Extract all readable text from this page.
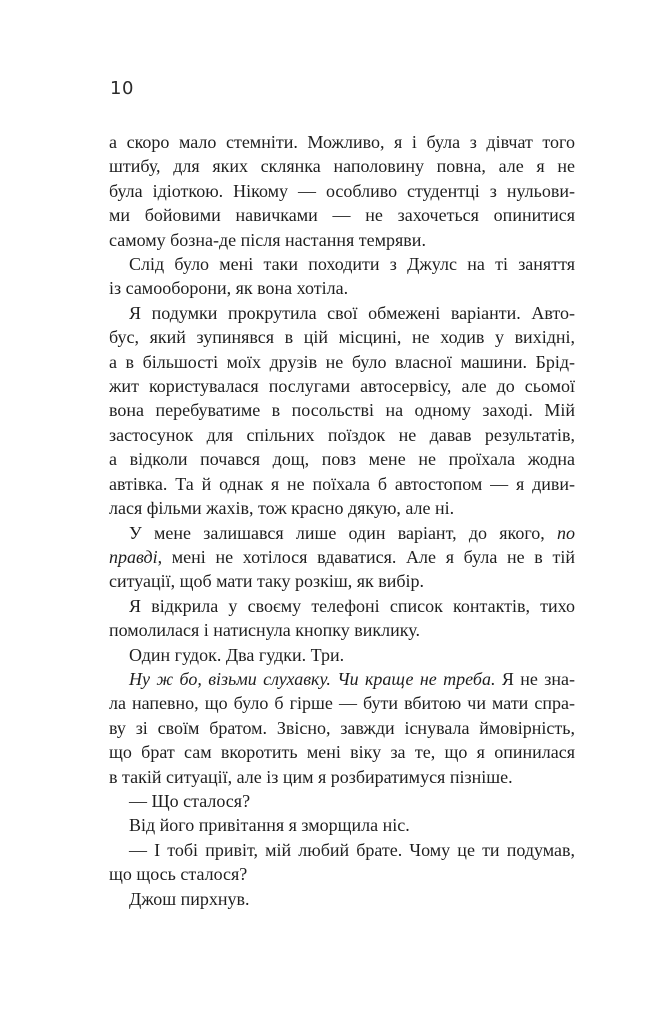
10
а скоро мало стемніти. Можливо, я і була з дівчат того
штибу, для яких склянка наполовину повна, але я не
була ідіоткою. Нікому — особливо студентці з нульови-
ми бойовими навичками — не захочеться опинитися
самому бозна-де після настання темряви.
Слід було мені таки походити з Джулс на ті заняття
із самооборони, як вона хотіла.
Я подумки прокрутила свої обмежені варіанти. Авто-
бус, який зупинявся в цій місцині, не ходив у вихідні,
а в більшості моїх друзів не було власної машини. Брід-
жит користувалася послугами автосервісу, але до сьомої
вона перебуватиме в посольстві на одному заході. Мій
застосунок для спільних поїздок не давав результатів,
а відколи почався дощ, повз мене не проїхала жодна
автівка. Та й однак я не поїхала б автостопом — я диви-
лася фільми жахів, тож красно дякую, але ні.
У мене залишався лише один варіант, до якого, по
правді, мені не хотілося вдаватися. Але я була не в тій
ситуації, щоб мати таку розкіш, як вибір.
Я відкрила у своєму телефоні список контактів, тихо
помолилася і натиснула кнопку виклику.
Один гудок. Два гудки. Три.
Ну ж бо, візьми слухавку. Чи краще не треба. Я не зна-
ла напевно, що було б гірше — бути вбитою чи мати спра-
ву зі своїм братом. Звісно, завжди існувала ймовірність,
що брат сам вкоротить мені віку за те, що я опинилася
в такій ситуації, але із цим я розбиратимуся пізніше.
— Що сталося?
Від його привітання я зморщила ніс.
— І тобі привіт, мій любий брате. Чому це ти подумав,
що щось сталося?
Джош пирхнув.
